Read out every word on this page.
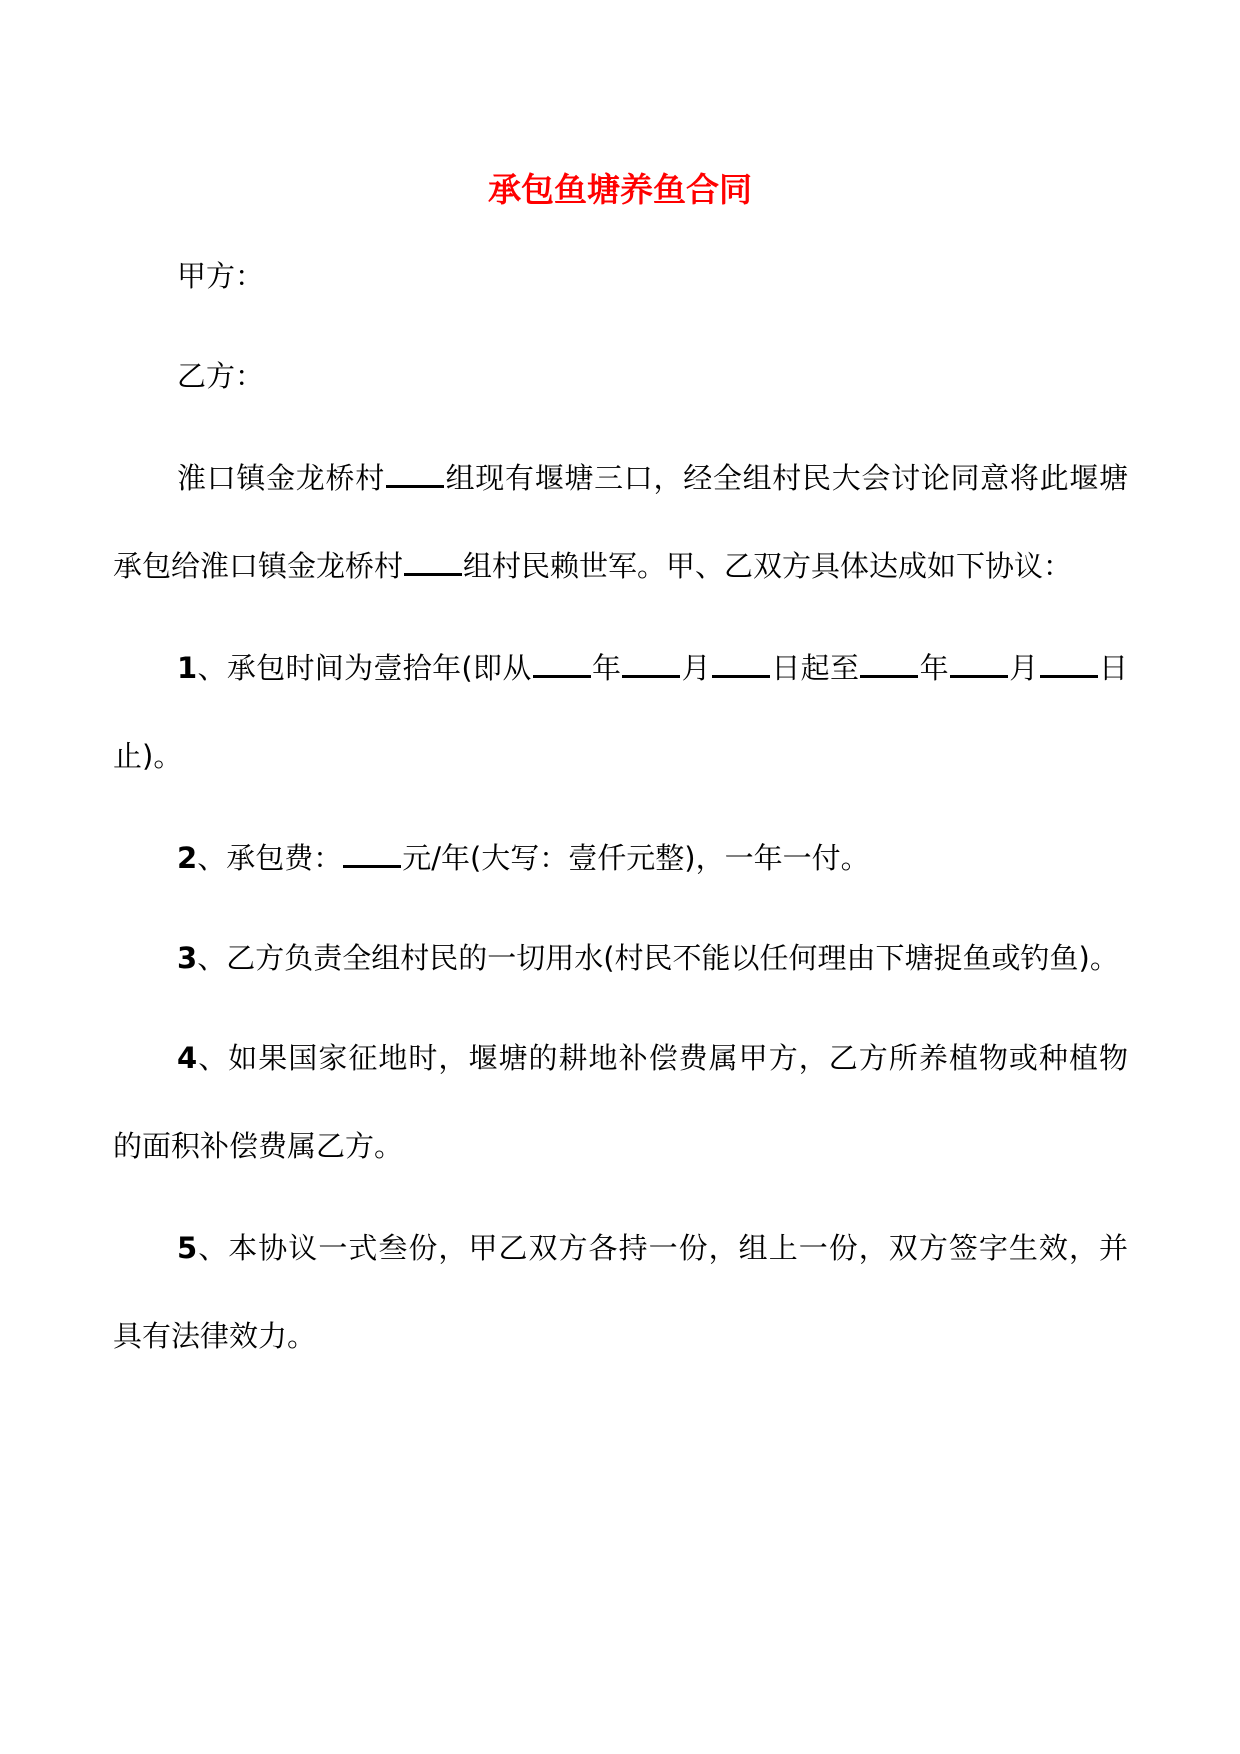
承包鱼塘养鱼合同
甲方：
乙方：
淮口镇金龙桥村 组现有堰塘三口，经全组村民大会讨论同意将此堰塘
承包给淮口镇金龙桥村 组村民赖世军。甲、乙双方具体达成如下协议：
1、承包时间为壹拾年(即从 年 月 日起至 年 月 日
止)。
2、承包费： 元/年(大写：壹仟元整)，一年一付。
3、乙方负责全组村民的一切用水(村民不能以任何理由下塘捉鱼或钓鱼)。
4、如果国家征地时，堰塘的耕地补偿费属甲方，乙方所养植物或种植物
的面积补偿费属乙方。
5、本协议一式叁份，甲乙双方各持一份，组上一份，双方签字生效，并
具有法律效力。
